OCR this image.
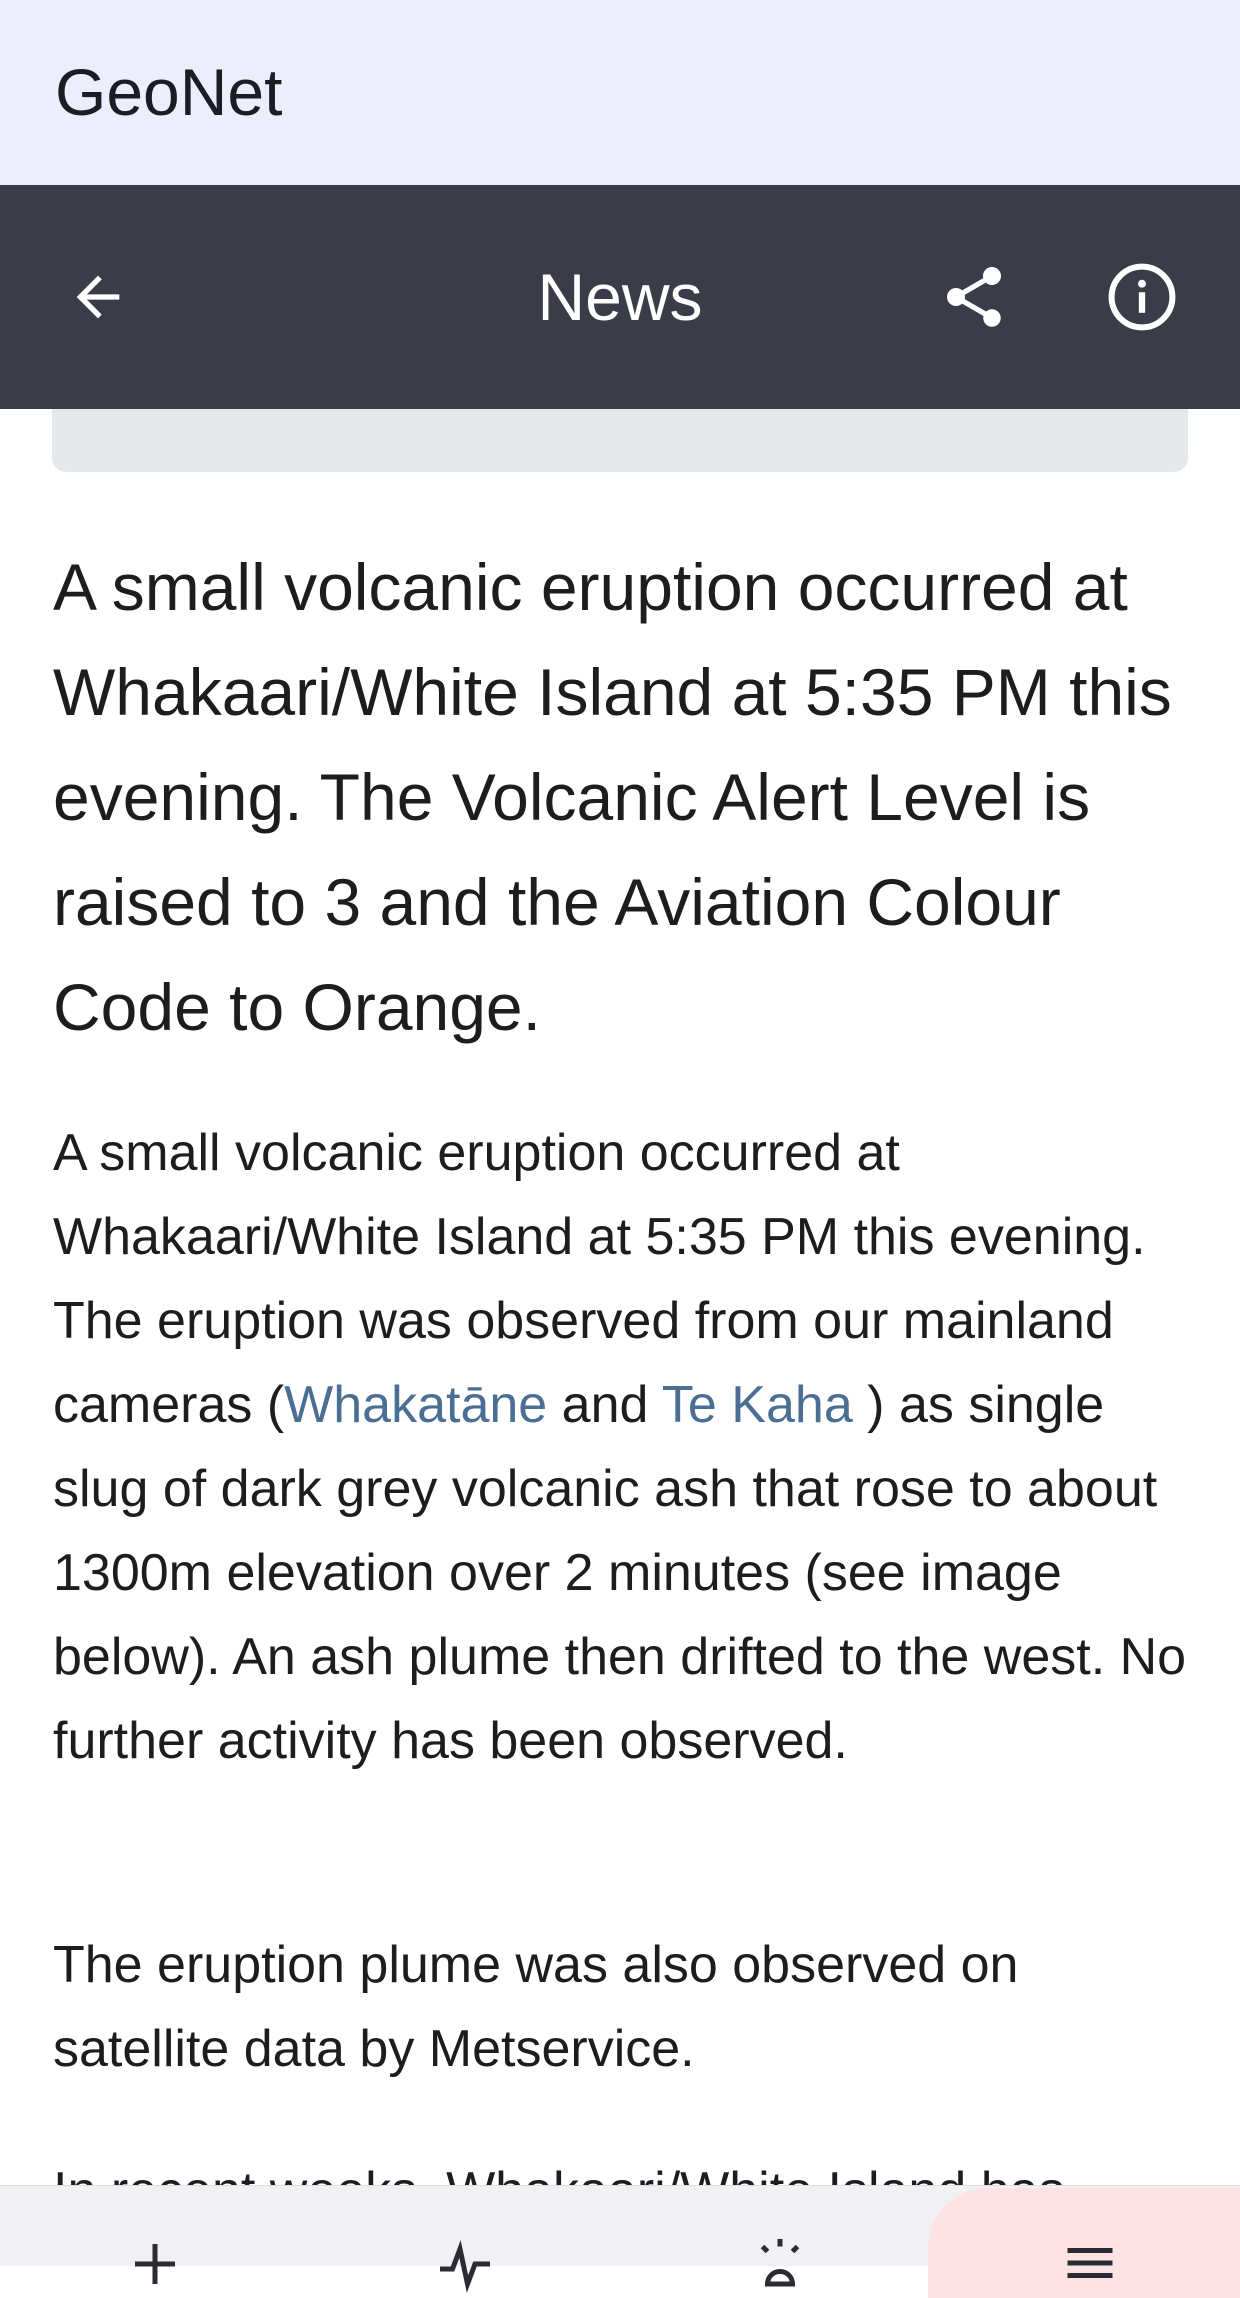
GeoNet
News

A small volcanic eruption occurred at Whakaari/White Island at 5:35 PM this evening. The Volcanic Alert Level is raised to 3 and the Aviation Colour Code to Orange.

A small volcanic eruption occurred at Whakaari/White Island at 5:35 PM this evening. The eruption was observed from our mainland cameras (Whakatāne and Te Kaha ) as single slug of dark grey volcanic ash that rose to about 1300m elevation over 2 minutes (see image below). An ash plume then drifted to the west. No further activity has been observed.

The eruption plume was also observed on satellite data by Metservice.
